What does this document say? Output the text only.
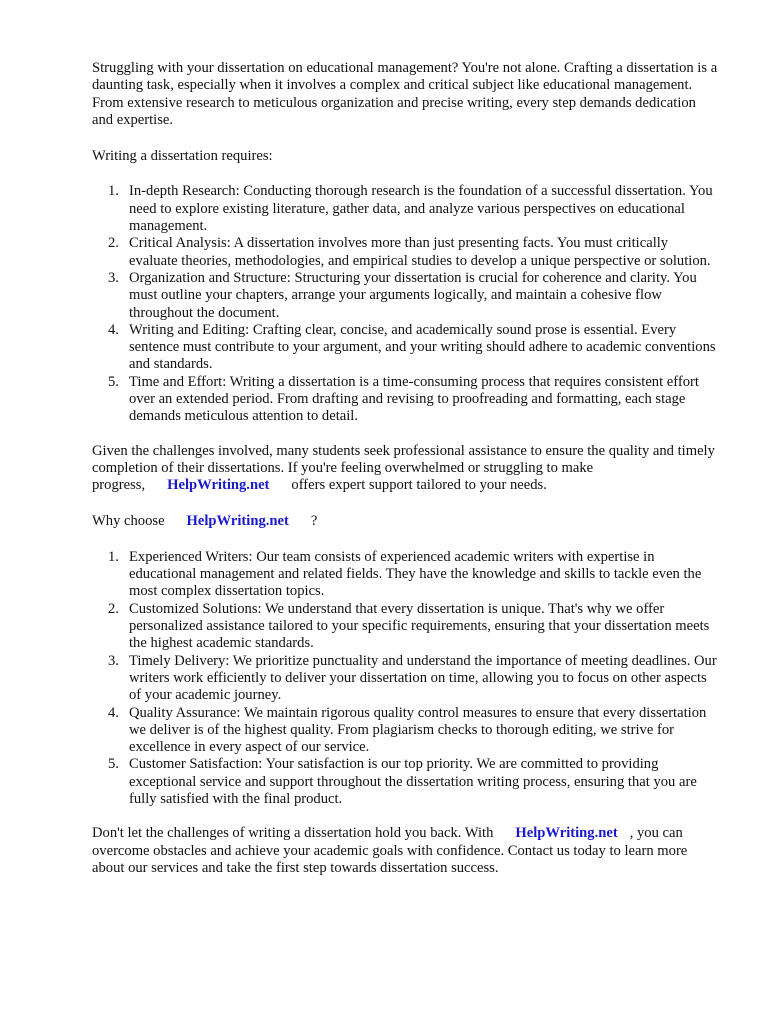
Struggling with your dissertation on educational management? You're not alone. Crafting a dissertation is a daunting task, especially when it involves a complex and critical subject like educational management. From extensive research to meticulous organization and precise writing, every step demands dedication and expertise.

Writing a dissertation requires:

1. In-depth Research: Conducting thorough research is the foundation of a successful dissertation. You need to explore existing literature, gather data, and analyze various perspectives on educational management.
2. Critical Analysis: A dissertation involves more than just presenting facts. You must critically evaluate theories, methodologies, and empirical studies to develop a unique perspective or solution.
3. Organization and Structure: Structuring your dissertation is crucial for coherence and clarity. You must outline your chapters, arrange your arguments logically, and maintain a cohesive flow throughout the document.
4. Writing and Editing: Crafting clear, concise, and academically sound prose is essential. Every sentence must contribute to your argument, and your writing should adhere to academic conventions and standards.
5. Time and Effort: Writing a dissertation is a time-consuming process that requires consistent effort over an extended period. From drafting and revising to proofreading and formatting, each stage demands meticulous attention to detail.

Given the challenges involved, many students seek professional assistance to ensure the quality and timely completion of their dissertations. If you're feeling overwhelmed or struggling to make progress, HelpWriting.net offers expert support tailored to your needs.

Why choose HelpWriting.net ?

1. Experienced Writers: Our team consists of experienced academic writers with expertise in educational management and related fields. They have the knowledge and skills to tackle even the most complex dissertation topics.
2. Customized Solutions: We understand that every dissertation is unique. That's why we offer personalized assistance tailored to your specific requirements, ensuring that your dissertation meets the highest academic standards.
3. Timely Delivery: We prioritize punctuality and understand the importance of meeting deadlines. Our writers work efficiently to deliver your dissertation on time, allowing you to focus on other aspects of your academic journey.
4. Quality Assurance: We maintain rigorous quality control measures to ensure that every dissertation we deliver is of the highest quality. From plagiarism checks to thorough editing, we strive for excellence in every aspect of our service.
5. Customer Satisfaction: Your satisfaction is our top priority. We are committed to providing exceptional service and support throughout the dissertation writing process, ensuring that you are fully satisfied with the final product.

Don't let the challenges of writing a dissertation hold you back. With HelpWriting.net , you can overcome obstacles and achieve your academic goals with confidence. Contact us today to learn more about our services and take the first step towards dissertation success.
